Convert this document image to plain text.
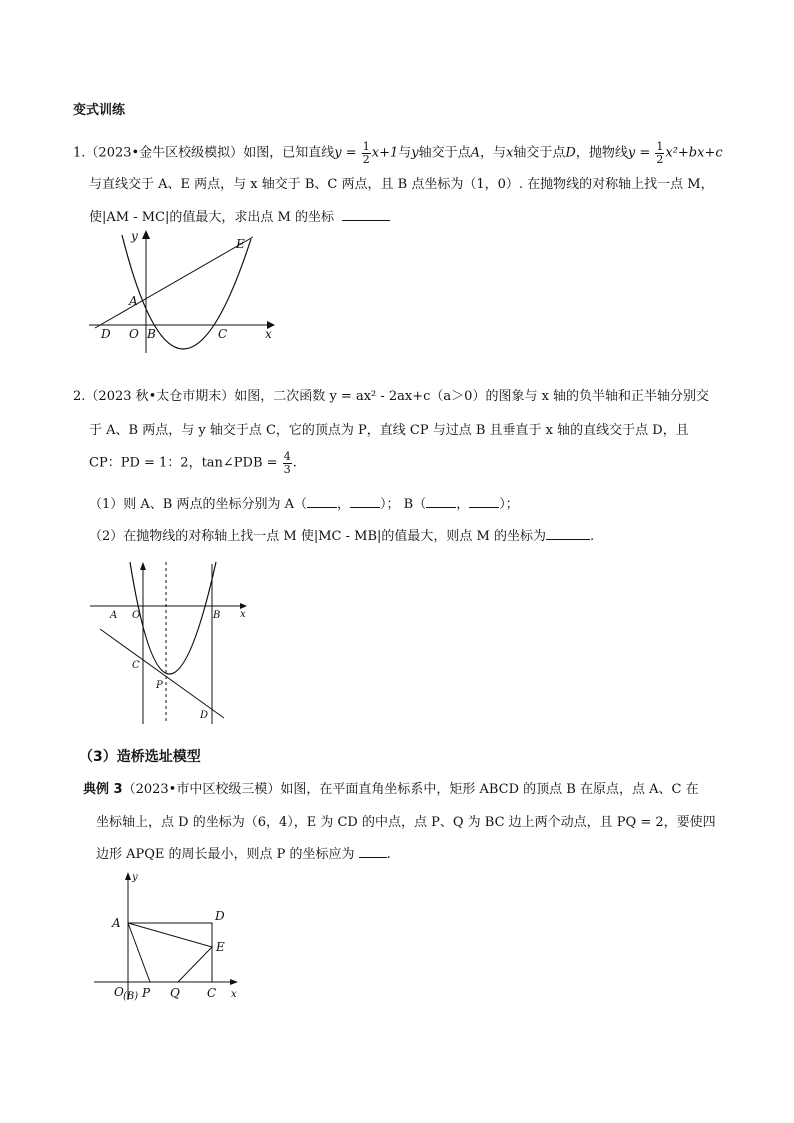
变式训练
1.（2023•金牛区校级模拟）如图，已知直线$y = \frac{1}{2} x+1$与y轴交于点A，与x轴交于点D，抛物线$y = \frac{1}{2} x^2+bx+c$
与直线交于 A、E 两点，与 x 轴交于 B、C 两点，且 B 点坐标为（1，0）. 在抛物线的对称轴上找一点 M，
使|AM - MC|的值最大，求出点 M 的坐标
y
E
A
D O B	C	x
2.（2023 秋•太仓市期末）如图，二次函数 y = ax² - 2ax+c（a＞0）的图象与 x 轴的负半轴和正半轴分别交
于 A、B 两点，与 y 轴交于点 C，它的顶点为 P，直线 CP 与过点 B 且垂直于 x 轴的直线交于点 D，且
CP：PD = 1：2，tan∠PDB = $\frac{4}{3}$ .
（1）则 A、B 两点的坐标分别为 A（ ， ）； B（ ， ）；
（2）在抛物线的对称轴上找一点 M 使|MC - MB|的值最大，则点 M 的坐标为	.
A O	B x
C
P
D
（3）造桥选址模型
典例 3（2023•市中区校级三模）如图，在平面直角坐标系中，矩形 ABCD 的顶点 B 在原点，点 A、C 在
坐标轴上，点 D 的坐标为（6，4），E 为 CD 的中点，点 P、Q 为 BC 边上两个动点，且 PQ = 2，要使四
边形 APQE 的周长最小，则点 P 的坐标应为 .
y
A	D
E
O (B) P Q C x
